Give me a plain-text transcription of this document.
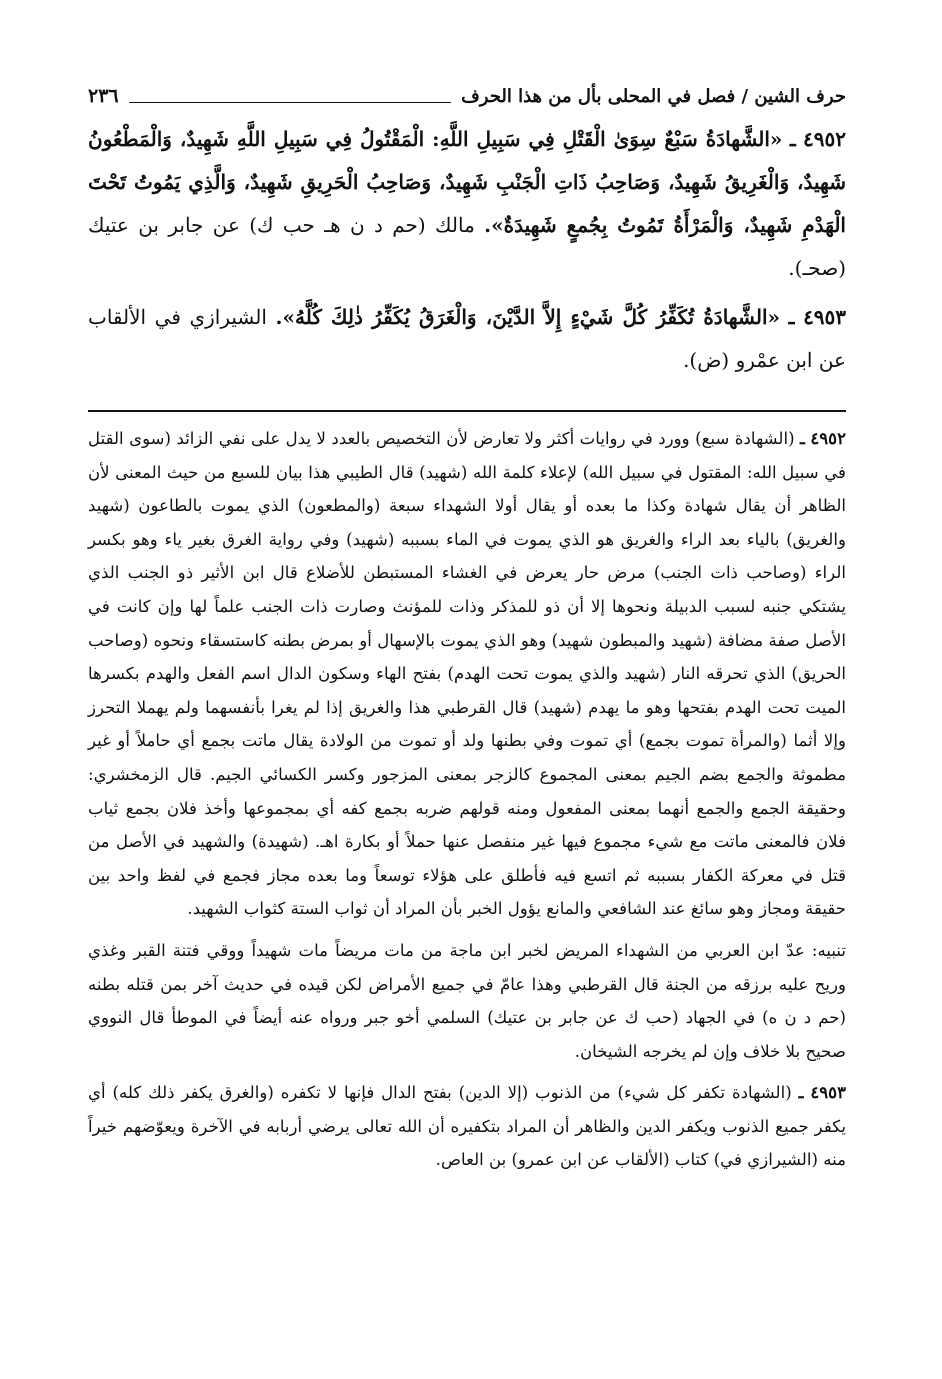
حرف الشين / فصل في المحلى بأل من هذا الحرف
٢٣٦

٤٩٥٢ ـ «الشَّهادَةُ سَبْعٌ سِوَىٰ الْقَتْلِ فِي سَبِيلِ اللَّهِ: الْمَقْتُولُ فِي سَبِيلِ اللَّهِ شَهِيدٌ، وَالْمَطْعُونُ شَهِيدٌ، وَالْغَرِيقُ شَهِيدٌ، وَصَاحِبُ ذَاتِ الْجَنْبِ شَهِيدٌ، وَصَاحِبُ الْحَرِيقِ شَهِيدٌ، وَالَّذِي يَمُوتُ تَحْتَ الْهَدْمِ شَهِيدٌ، وَالْمَرْأَةُ تَمُوتُ بِجُمعٍ شَهِيدَةٌ». مالك (حم د ن هـ حب ك) عن جابر بن عتيك (صحـ).

٤٩٥٣ ـ «الشَّهادَةُ تُكَفِّرُ كُلَّ شَيْءٍ إِلاَّ الدَّيْنَ، وَالْغَرَقُ يُكَفِّرُ ذٰلِكَ كُلَّهُ». الشيرازي في الألقاب عن ابن عمْرو (ض).

٤٩٥٢ ـ (الشهادة سبع) وورد في روايات أكثر ولا تعارض لأن التخصيص بالعدد لا يدل على نفي الزائد (سوى القتل في سبيل الله: المقتول في سبيل الله) لإعلاء كلمة الله (شهيد) قال الطيبي هذا بيان للسبع من حيث المعنى لأن الظاهر أن يقال شهادة وكذا ما بعده أو يقال أولا الشهداء سبعة (والمطعون) الذي يموت بالطاعون (شهيد والغريق) بالياء بعد الراء والغريق هو الذي يموت في الماء بسببه (شهيد) وفي رواية الغرق بغير ياء وهو بكسر الراء (وصاحب ذات الجنب) مرض حار يعرض في الغشاء المستبطن للأضلاع قال ابن الأثير ذو الجنب الذي يشتكي جنبه لسبب الدبيلة ونحوها إلا أن ذو للمذكر وذات للمؤنث وصارت ذات الجنب علماً لها وإن كانت في الأصل صفة مضافة (شهيد والمبطون شهيد) وهو الذي يموت بالإسهال أو بمرض بطنه كاستسقاء ونحوه (وصاحب الحريق) الذي تحرقه النار (شهيد والذي يموت تحت الهدم) بفتح الهاء وسكون الدال اسم الفعل والهدم بكسرها الميت تحت الهدم بفتحها وهو ما يهدم (شهيد) قال القرطبي هذا والغريق إذا لم يغرا بأنفسهما ولم يهملا التحرز وإلا أثما (والمرأة تموت بجمع) أي تموت وفي بطنها ولد أو تموت من الولادة يقال ماتت بجمع أي حاملاً أو غير مطموثة والجمع بضم الجيم بمعنى المجموع كالزجر بمعنى المزجور وكسر الكسائي الجيم. قال الزمخشري: وحقيقة الجمع والجمع أنهما بمعنى المفعول ومنه قولهم ضربه بجمع كفه أي بمجموعها وأخذ فلان بجمع ثياب فلان فالمعنى ماتت مع شيء مجموع فيها غير منفصل عنها حملاً أو بكارة اهـ. (شهيدة) والشهيد في الأصل من قتل في معركة الكفار بسببه ثم اتسع فيه فأطلق على هؤلاء توسعاً وما بعده مجاز فجمع في لفظ واحد بين حقيقة ومجاز وهو سائغ عند الشافعي والمانع يؤول الخبر بأن المراد أن ثواب الستة كثواب الشهيد.

تنبيه: عدّ ابن العربي من الشهداء المريض لخبر ابن ماجة من مات مريضاً مات شهيداً ووقي فتنة القبر وغذي وريح عليه برزقه من الجنة قال القرطبي وهذا عامّ في جميع الأمراض لكن قيده في حديث آخر بمن قتله بطنه (حم د ن ه) في الجهاد (حب ك عن جابر بن عتيك) السلمي أخو جبر ورواه عنه أيضاً في الموطأ قال النووي صحيح بلا خلاف وإن لم يخرجه الشيخان.

٤٩٥٣ ـ (الشهادة تكفر كل شيء) من الذنوب (إلا الدين) بفتح الدال فإنها لا تكفره (والغرق يكفر ذلك كله) أي يكفر جميع الذنوب ويكفر الدين والظاهر أن المراد بتكفيره أن الله تعالى يرضي أربابه في الآخرة ويعوّضهم خيراً منه (الشيرازي في) كتاب (الألقاب عن ابن عمرو) بن العاص.
